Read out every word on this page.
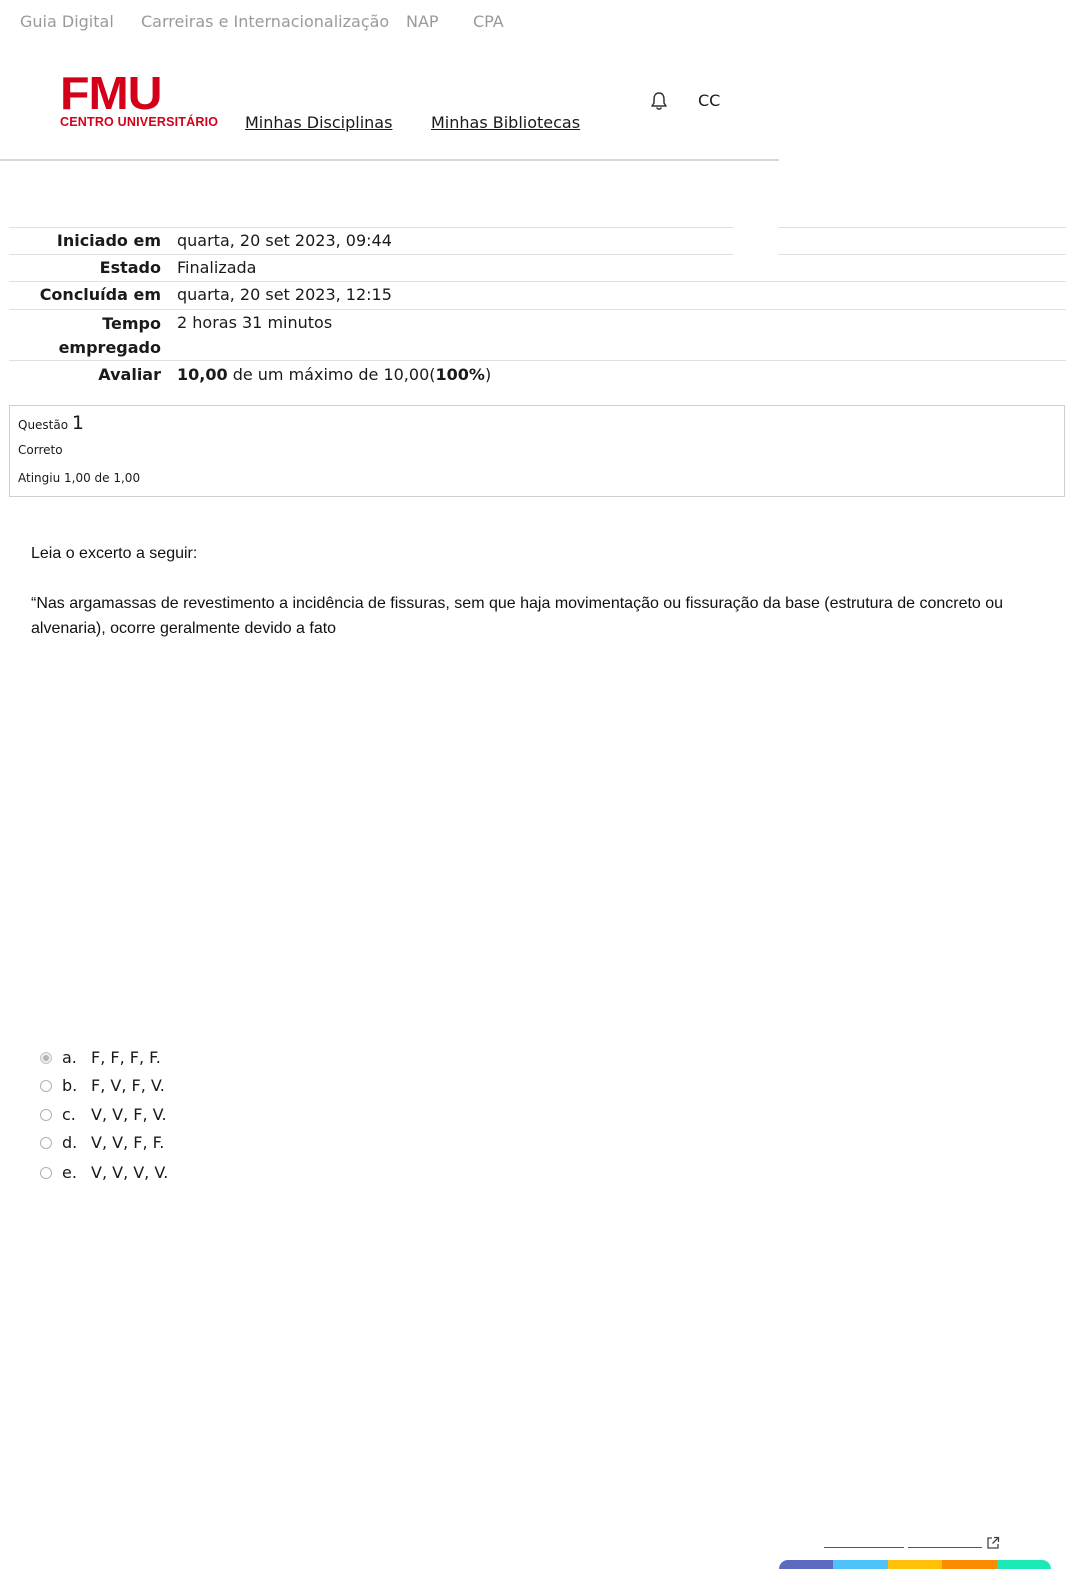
Guia Digital Carreiras e Internacionalização NAP CPA
FMU
CENTRO UNIVERSITÁRIO Minhas Disciplinas Minhas Bibliotecas
CC
Iniciado em quarta, 20 set 2023, 09:44
Estado Finalizada
Concluída em quarta, 20 set 2023, 12:15
Tempo
empregado
2 horas 31 minutos
Avaliar 10,00 de um máximo de 10,00(100%)
Questão 1
Correto
Atingiu 1,00 de 1,00
Leia o excerto a seguir:
“Nas argamassas de revestimento a incidência de fissuras, sem que haja movimentação ou fissuração da base (estrutura de concreto ou
alvenaria), ocorre geralmente devido a fato
a. F, F, F, F.
b. F, V, F, V.
c. V, V, F, V.
d. V, V, F, F.
e. V, V, V, V.
